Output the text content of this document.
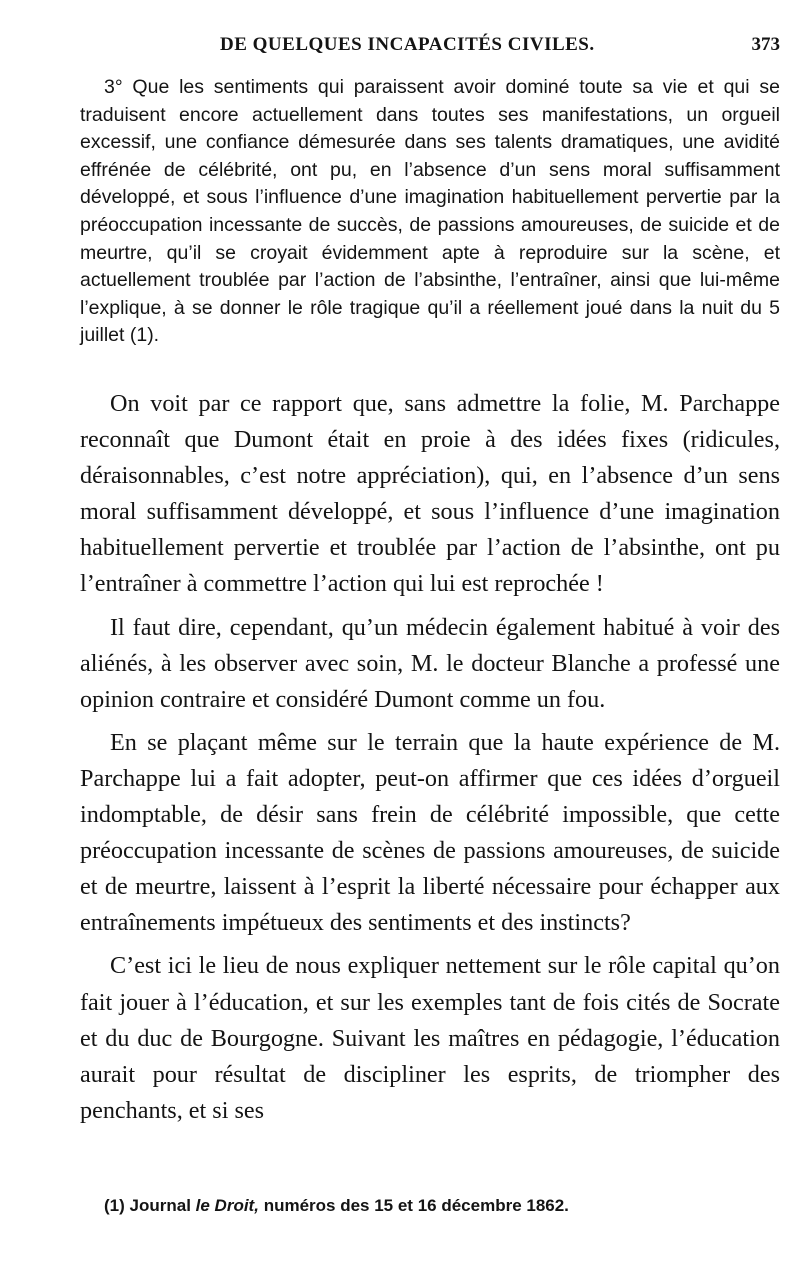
DE QUELQUES INCAPACITÉS CIVILES.	373

3° Que les sentiments qui paraissent avoir dominé toute sa vie et qui se traduisent encore actuellement dans toutes ses manifestations, un orgueil excessif, une confiance démesurée dans ses talents dramatiques, une avidité effrénée de célébrité, ont pu, en l’absence d’un sens moral suffisamment développé, et sous l’influence d’une imagination habituellement pervertie par la préoccupation incessante de succès, de passions amoureuses, de suicide et de meurtre, qu’il se croyait évidemment apte à reproduire sur la scène, et actuellement troublée par l’action de l’absinthe, l’entraîner, ainsi que lui-même l’explique, à se donner le rôle tragique qu’il a réellement joué dans la nuit du 5 juillet (1).

On voit par ce rapport que, sans admettre la folie, M. Parchappe reconnaît que Dumont était en proie à des idées fixes (ridicules, déraisonnables, c’est notre appréciation), qui, en l’absence d’un sens moral suffisamment développé, et sous l’influence d’une imagination habituellement pervertie et troublée par l’action de l’absinthe, ont pu l’entraîner à commettre l’action qui lui est reprochée !

Il faut dire, cependant, qu’un médecin également habitué à voir des aliénés, à les observer avec soin, M. le docteur Blanche a professé une opinion contraire et considéré Dumont comme un fou.

En se plaçant même sur le terrain que la haute expérience de M. Parchappe lui a fait adopter, peut-on affirmer que ces idées d’orgueil indomptable, de désir sans frein de célébrité impossible, que cette préoccupation incessante de scènes de passions amoureuses, de suicide et de meurtre, laissent à l’esprit la liberté nécessaire pour échapper aux entraînements impétueux des sentiments et des instincts?

C’est ici le lieu de nous expliquer nettement sur le rôle capital qu’on fait jouer à l’éducation, et sur les exemples tant de fois cités de Socrate et du duc de Bourgogne. Suivant les maîtres en pédagogie, l’éducation aurait pour résultat de discipliner les esprits, de triompher des penchants, et si ses

(1) Journal le Droit, numéros des 15 et 16 décembre 1862.
